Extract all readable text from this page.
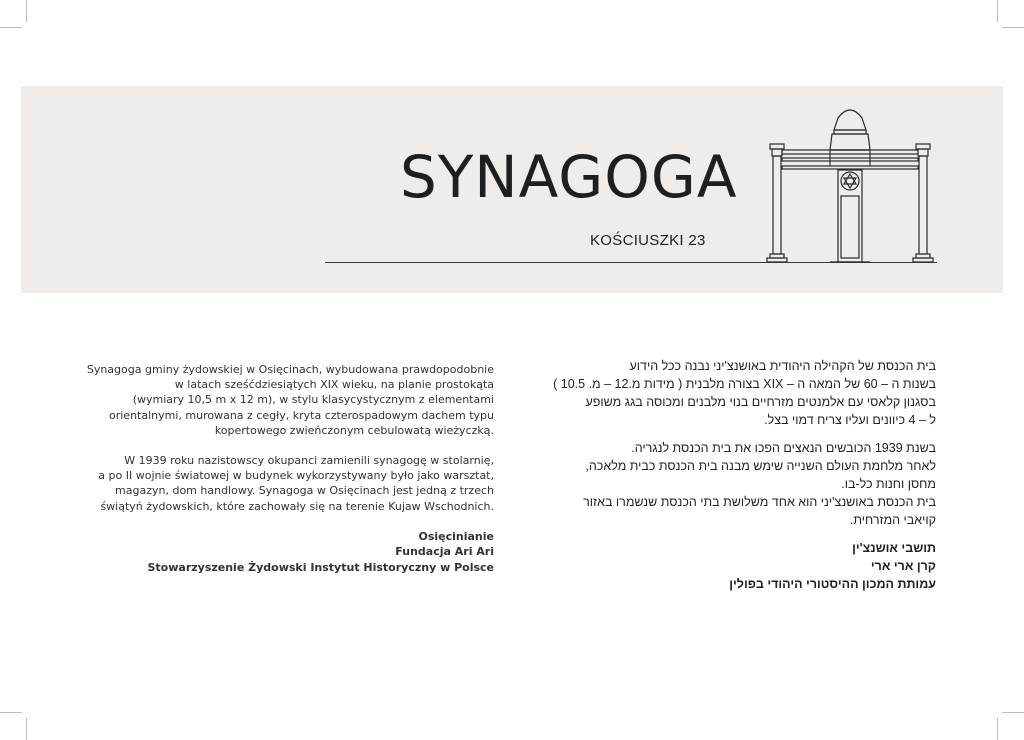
SYNAGOGA
KOŚCIUSZKI 23

Synagoga gminy żydowskiej w Osięcinach, wybudowana prawdopodobnie
w latach sześćdziesiątych XIX wieku, na planie prostokąta
(wymiary 10,5 m x 12 m), w stylu klasycystycznym z elementami
orientalnymi, murowana z cegły, kryta czterospadowym dachem typu
kopertowego zwieńczonym cebulowatą wieżyczką.

W 1939 roku nazistowscy okupanci zamienili synagogę w stolarnię,
a po II wojnie światowej w budynek wykorzystywany było jako warsztat,
magazyn, dom handlowy. Synagoga w Osięcinach jest jedną z trzech
świątyń żydowskich, które zachowały się na terenie Kujaw Wschodnich.

Osięcinianie
Fundacja Ari Ari
Stowarzyszenie Żydowski Instytut Historyczny w Polsce

בית הכנסת של הקהילה היהודית באושנצ'יני נבנה ככל הידוע
בשנות ה – 60 של המאה ה – XIX בצורה מלבנית ( מידות מ.12 – מ. 10.5 )
בסגנון קלאסי עם אלמנטים מזרחיים בנוי מלבנים ומכוסה בגג משופע
ל – 4 כיוונים ועליו צריח דמוי בצל.

בשנת 1939 הכובשים הנאצים הפכו את בית הכנסת לנגריה.
לאחר מלחמת העולם השנייה שימש מבנה בית הכנסת כבית מלאכה,
מחסן וחנות כל-בו.
בית הכנסת באושנצ'יני הוא אחד משלושת בתי הכנסת שנשמרו באזור
קויאבי המזרחית.

תושבי אושנצ'ין
קרן ארי ארי
עמותת המכון ההיסטורי היהודי בפולין
